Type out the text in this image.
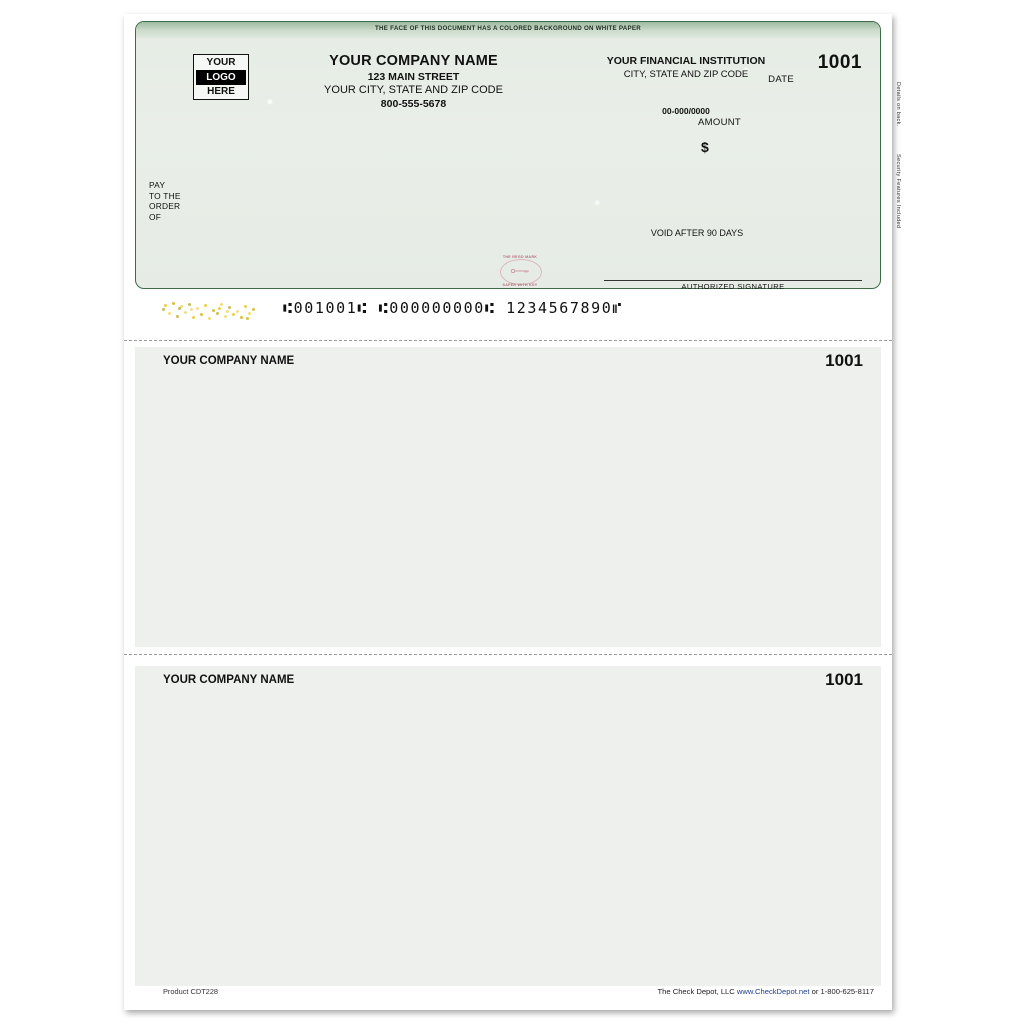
THE FACE OF THIS DOCUMENT HAS A COLORED BACKGROUND ON WHITE PAPER
YOUR
LOGO
HERE
YOUR COMPANY NAME
123 MAIN STREET
YOUR CITY, STATE AND ZIP CODE
800-555-5678
YOUR FINANCIAL INSTITUTION
CITY, STATE AND ZIP CODE
00-000/0000
1001
DATE
AMOUNT
$
PAY
TO THE
ORDER
OF
VOID AFTER 90 DAYS
AUTHORIZED SIGNATURE
THE REGD MARK
SAFER WITH KEY
Details on back.
Security Features Included
⑆001001⑆ ⑆000000000⑆ 1234567890⑈
YOUR COMPANY NAME	1001
YOUR COMPANY NAME	1001
Product CDT228	The Check Depot, LLC www.CheckDepot.net or 1-800-625-8117
